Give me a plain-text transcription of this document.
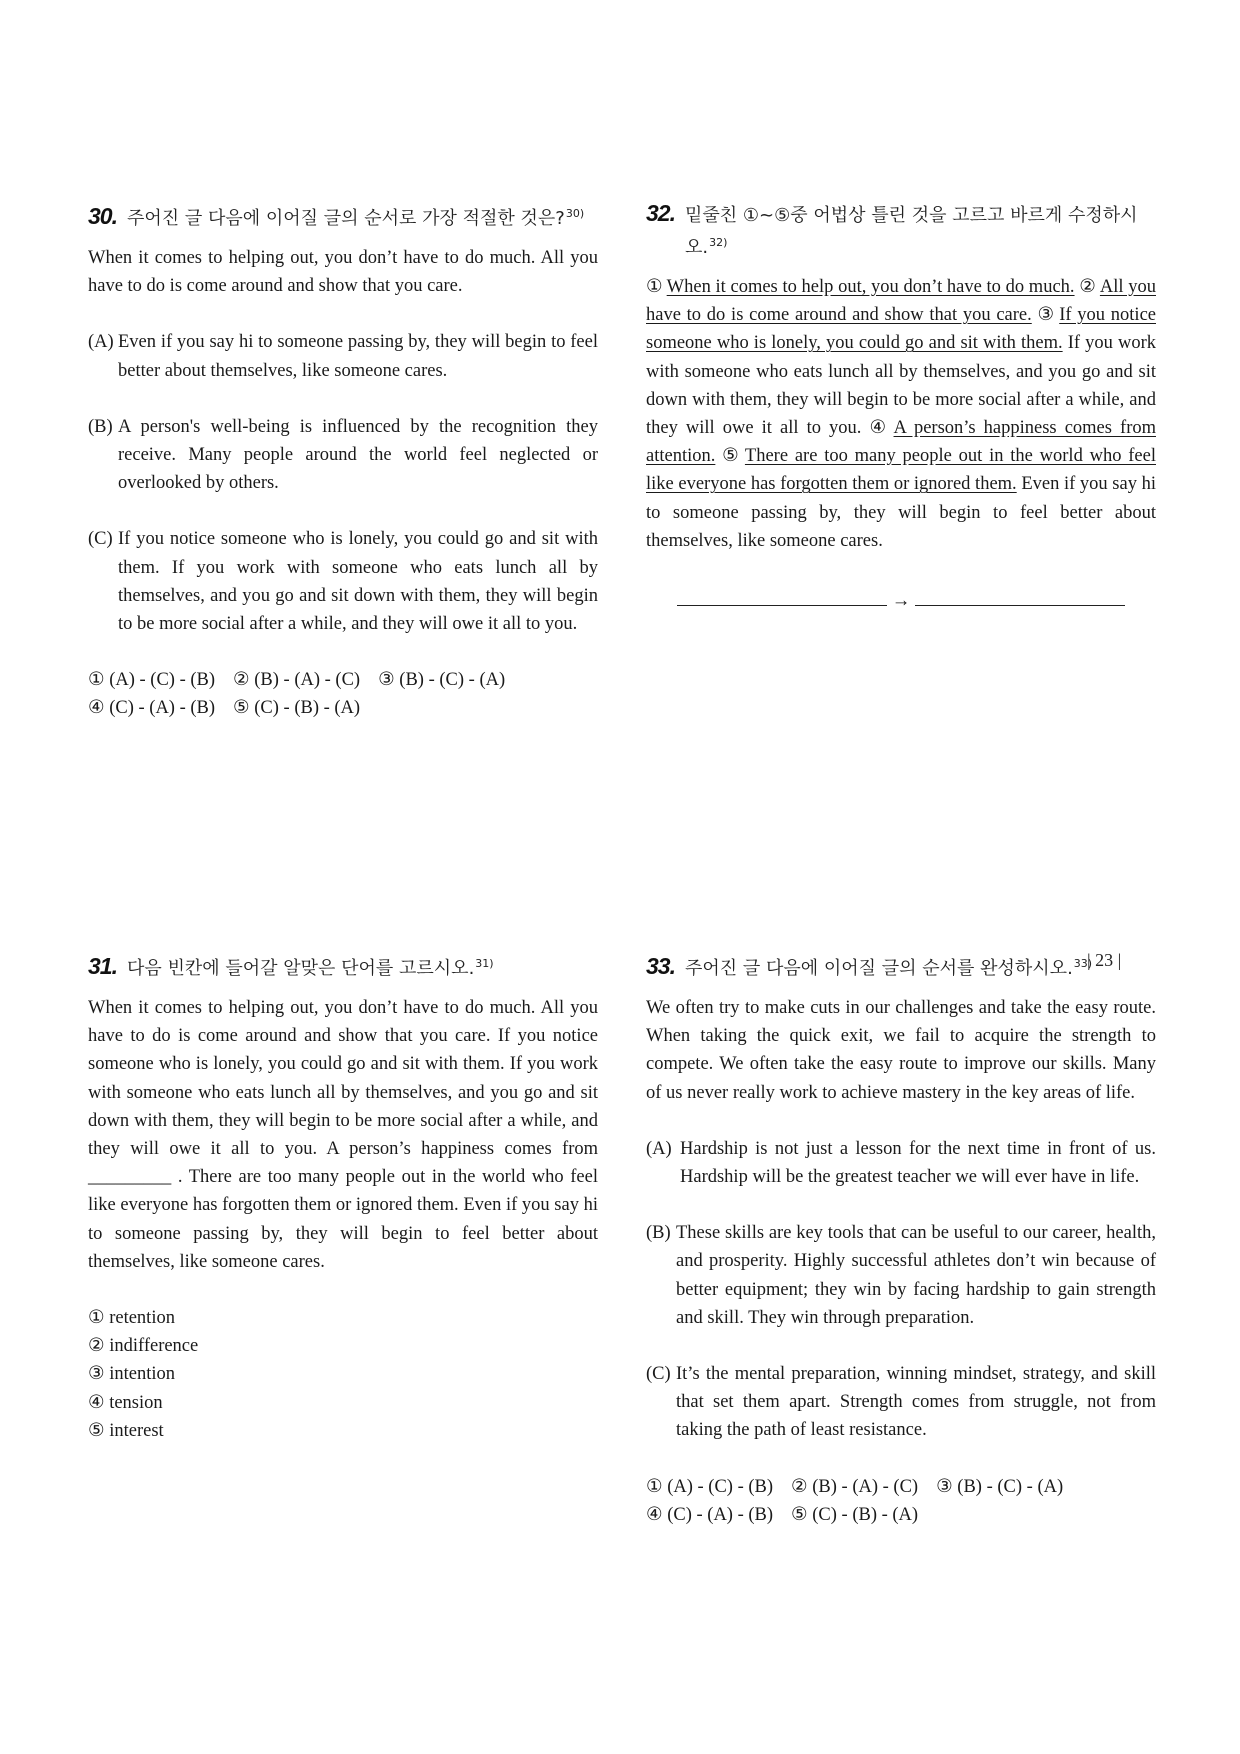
30. 주어진 글 다음에 이어질 글의 순서로 가장 적절한 것은?$^{30)}$

When it comes to helping out, you don’t have to do much. All you have to do is come around and show that you care.

(A) Even if you say hi to someone passing by, they will begin to feel better about themselves, like someone cares.
(B) A person's well-being is influenced by the recognition they receive. Many people around the world feel neglected or overlooked by others.
(C) If you notice someone who is lonely, you could go and sit with them. If you work with someone who eats lunch all by themselves, and you go and sit down with them, they will begin to be more social after a while, and they will owe it all to you.
① (A) - (C) - (B) ② (B) - (A) - (C) ③ (B) - (C) - (A)
④ (C) - (A) - (B) ⑤ (C) - (B) - (A)
32. 밑줄친 ①~⑤중 어법상 틀린 것을 고르고 바르게 수정하시오.$^{32)}$

① When it comes to help out, you don’t have to do much. ② All you have to do is come around and show that you care. ③ If you notice someone who is lonely, you could go and sit with them. If you work with someone who eats lunch all by themselves, and you go and sit down with them, they will begin to be more social after a while, and they will owe it all to you. ④ A person’s happiness comes from attention. ⑤ There are too many people out in the world who feel like everyone has forgotten them or ignored them. Even if you say hi to someone passing by, they will begin to feel better about themselves, like someone cares.

→
31. 다음 빈칸에 들어갈 알맞은 단어를 고르시오.$^{31)}$

When it comes to helping out, you don’t have to do much. All you have to do is come around and show that you care. If you notice someone who is lonely, you could go and sit with them. If you work with someone who eats lunch all by themselves, and you go and sit down with them, they will begin to be more social after a while, and they will owe it all to you. A person’s happiness comes from _________ . There are too many people out in the world who feel like everyone has forgotten them or ignored them. Even if you say hi to someone passing by, they will begin to feel better about themselves, like someone cares.

① retention
② indifference
③ intention
④ tension
⑤ interest
33. 주어진 글 다음에 이어질 글의 순서를 완성하시오.$^{33)}$

We often try to make cuts in our challenges and take the easy route. When taking the quick exit, we fail to acquire the strength to compete. We often take the easy route to improve our skills. Many of us never really work to achieve mastery in the key areas of life.

(A) Hardship is not just a lesson for the next time in front of us. Hardship will be the greatest teacher we will ever have in life.
(B) These skills are key tools that can be useful to our career, health, and prosperity. Highly successful athletes don’t win because of better equipment; they win by facing hardship to gain strength and skill. They win through preparation.
(C) It’s the mental preparation, winning mindset, strategy, and skill that set them apart. Strength comes from struggle, not from taking the path of least resistance.
① (A) - (C) - (B) ② (B) - (A) - (C) ③ (B) - (C) - (A)
④ (C) - (A) - (B) ⑤ (C) - (B) - (A)
| 23 |
